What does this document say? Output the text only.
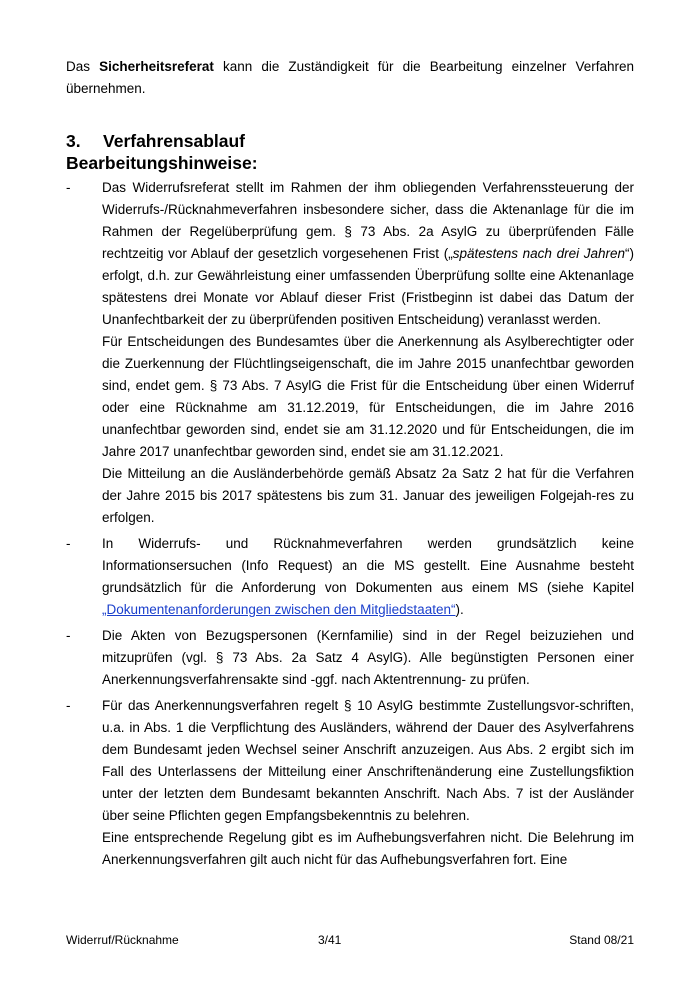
Das Sicherheitsreferat kann die Zuständigkeit für die Bearbeitung einzelner Verfahren übernehmen.

3.	Verfahrensablauf
Bearbeitungshinweise:
- Das Widerrufsreferat stellt im Rahmen der ihm obliegenden Verfahrenssteuerung der Widerrufs-/Rücknahmeverfahren insbesondere sicher, dass die Aktenanlage für die im Rahmen der Regelüberprüfung gem. § 73 Abs. 2a AsylG zu überprüfenden Fälle rechtzeitig vor Ablauf der gesetzlich vorgesehenen Frist („spätestens nach drei Jahren“) erfolgt, d.h. zur Gewährleistung einer umfassenden Überprüfung sollte eine Aktenanlage spätestens drei Monate vor Ablauf dieser Frist (Fristbeginn ist dabei das Datum der Unanfechtbarkeit der zu überprüfenden positiven Entscheidung) veranlasst werden.

Für Entscheidungen des Bundesamtes über die Anerkennung als Asylberechtigter oder die Zuerkennung der Flüchtlingseigenschaft, die im Jahre 2015 unanfechtbar geworden sind, endet gem. § 73 Abs. 7 AsylG die Frist für die Entscheidung über einen Widerruf oder eine Rücknahme am 31.12.2019, für Entscheidungen, die im Jahre 2016 unanfechtbar geworden sind, endet sie am 31.12.2020 und für Entscheidungen, die im Jahre 2017 unanfechtbar geworden sind, endet sie am 31.12.2021.

Die Mitteilung an die Ausländerbehörde gemäß Absatz 2a Satz 2 hat für die Verfahren der Jahre 2015 bis 2017 spätestens bis zum 31. Januar des jeweiligen Folgejah-res zu erfolgen.

- In Widerrufs- und Rücknahmeverfahren werden grundsätzlich keine Informationsersuchen (Info Request) an die MS gestellt. Eine Ausnahme besteht grundsätzlich für die Anforderung von Dokumenten aus einem MS (siehe Kapitel „Dokumentenanforderungen zwischen den Mitgliedstaaten“).

- Die Akten von Bezugspersonen (Kernfamilie) sind in der Regel beizuziehen und mitzuprüfen (vgl. § 73 Abs. 2a Satz 4 AsylG). Alle begünstigten Personen einer Anerkennungsverfahrensakte sind -ggf. nach Aktentrennung- zu prüfen.

- Für das Anerkennungsverfahren regelt § 10 AsylG bestimmte Zustellungsvor-schriften, u.a. in Abs. 1 die Verpflichtung des Ausländers, während der Dauer des Asylverfahrens dem Bundesamt jeden Wechsel seiner Anschrift anzuzeigen. Aus Abs. 2 ergibt sich im Fall des Unterlassens der Mitteilung einer Anschriftenänderung eine Zustellungsfiktion unter der letzten dem Bundesamt bekannten Anschrift. Nach Abs. 7 ist der Ausländer über seine Pflichten gegen Empfangsbekenntnis zu belehren.

Eine entsprechende Regelung gibt es im Aufhebungsverfahren nicht. Die Belehrung im Anerkennungsverfahren gilt auch nicht für das Aufhebungsverfahren fort. Eine

Widerruf/Rücknahme	3/41	Stand 08/21
